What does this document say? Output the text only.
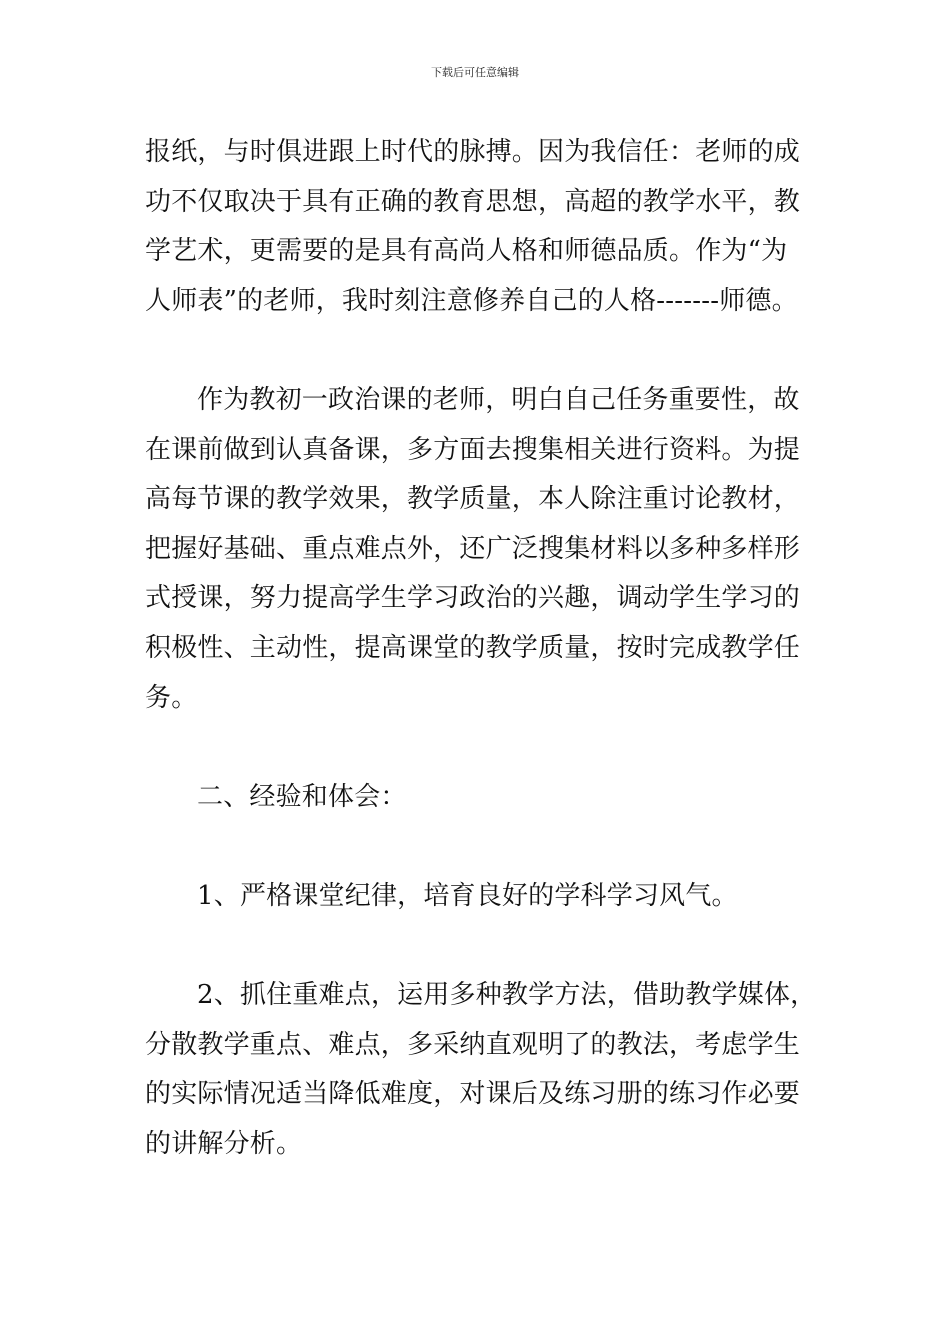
下载后可任意编辑

报纸，与时俱进跟上时代的脉搏。因为我信任：老师的成
功不仅取决于具有正确的教育思想，高超的教学水平，教
学艺术，更需要的是具有高尚人格和师德品质。作为“为
人师表”的老师，我时刻注意修养自己的人格-------师德。

作为教初一政治课的老师，明白自己任务重要性，故
在课前做到认真备课，多方面去搜集相关进行资料。为提
高每节课的教学效果，教学质量，本人除注重讨论教材，
把握好基础、重点难点外，还广泛搜集材料以多种多样形
式授课，努力提高学生学习政治的兴趣，调动学生学习的
积极性、主动性，提高课堂的教学质量，按时完成教学任
务。

二、经验和体会：

1、严格课堂纪律，培育良好的学科学习风气。

2、抓住重难点，运用多种教学方法，借助教学媒体，
分散教学重点、难点，多采纳直观明了的教法，考虑学生
的实际情况适当降低难度，对课后及练习册的练习作必要
的讲解分析。
